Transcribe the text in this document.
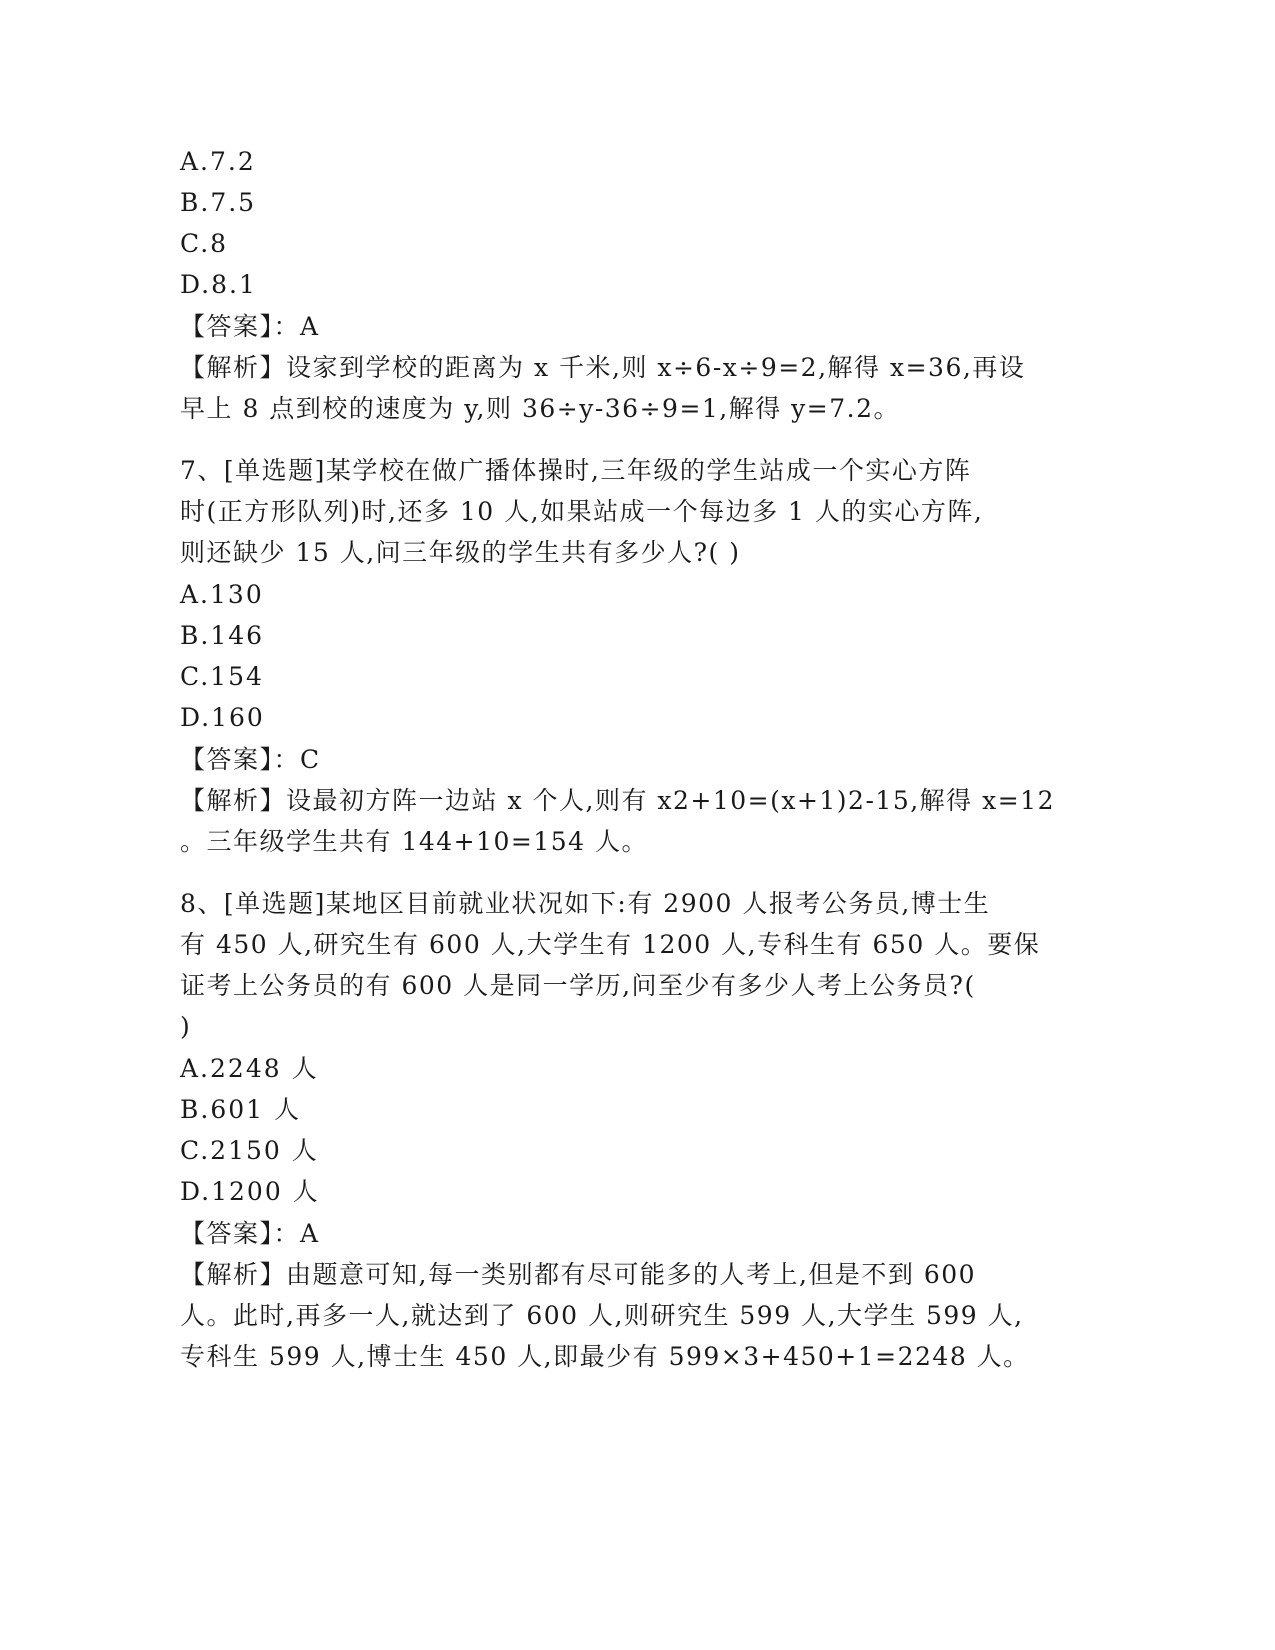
A.7.2
B.7.5
C.8
D.8.1
【答案】：A
【解析】设家到学校的距离为 x 千米,则 x÷6-x÷9=2,解得 x=36,再设
早上 8 点到校的速度为 y,则 36÷y-36÷9=1,解得 y=7.2。
7、[单选题]某学校在做广播体操时,三年级的学生站成一个实心方阵
时(正方形队列)时,还多 10 人,如果站成一个每边多 1 人的实心方阵,
则还缺少 15 人,问三年级的学生共有多少人?( )
A.130
B.146
C.154
D.160
【答案】：C
【解析】设最初方阵一边站 x 个人,则有 x2+10=(x+1)2-15,解得 x=12
。三年级学生共有 144+10=154 人。
8、[单选题]某地区目前就业状况如下:有 2900 人报考公务员,博士生
有 450 人,研究生有 600 人,大学生有 1200 人,专科生有 650 人。要保
证考上公务员的有 600 人是同一学历,问至少有多少人考上公务员?(
)
A.2248 人
B.601 人
C.2150 人
D.1200 人
【答案】：A
【解析】由题意可知,每一类别都有尽可能多的人考上,但是不到 600
人。此时,再多一人,就达到了 600 人,则研究生 599 人,大学生 599 人,
专科生 599 人,博士生 450 人,即最少有 599×3+450+1=2248 人。
